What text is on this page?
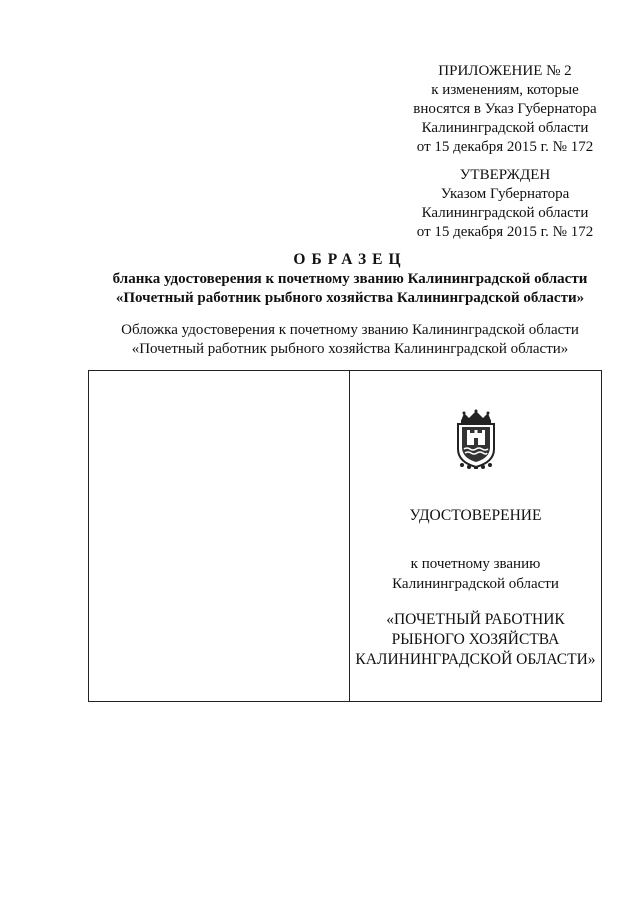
ПРИЛОЖЕНИЕ № 2
к изменениям, которые
вносятся в Указ Губернатора
Калининградской области
от 15 декабря 2015 г. № 172
УТВЕРЖДЕН
Указом Губернатора
Калининградской области
от 15 декабря 2015 г. № 172
ОБРАЗЕЦ
бланка удостоверения к почетному званию Калининградской области
«Почетный работник рыбного хозяйства Калининградской области»
Обложка удостоверения к почетному званию Калининградской области
«Почетный работник рыбного хозяйства Калининградской области»
УДОСТОВЕРЕНИЕ
к почетному званию
Калининградской области
«ПОЧЕТНЫЙ РАБОТНИК
РЫБНОГО ХОЗЯЙСТВА
КАЛИНИНГРАДСКОЙ ОБЛАСТИ»
